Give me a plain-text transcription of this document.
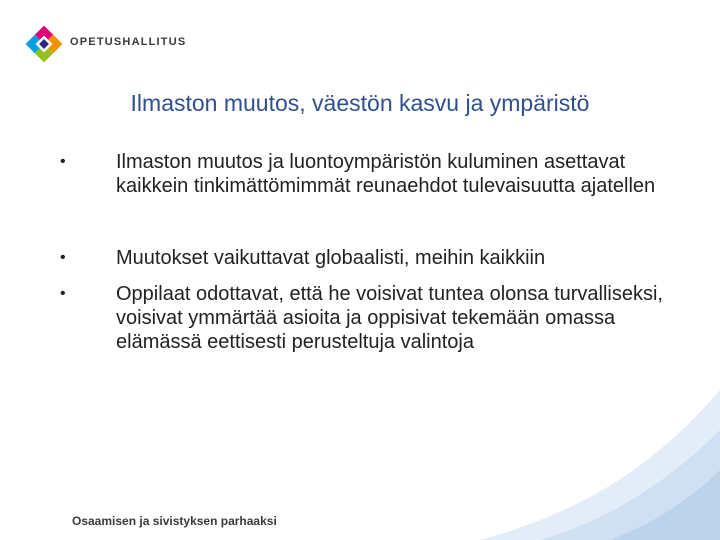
OPETUSHALLITUS
Ilmaston muutos, väestön kasvu ja ympäristö
•	Ilmaston muutos ja luontoympäristön kuluminen asettavat kaikkein tinkimättömimmät reunaehdot tulevaisuutta ajatellen
•	Muutokset vaikuttavat globaalisti, meihin kaikkiin
•	Oppilaat odottavat, että he voisivat tuntea olonsa turvalliseksi, voisivat ymmärtää asioita ja oppisivat tekemään omassa elämässä eettisesti perusteltuja valintoja
Osaamisen ja sivistyksen parhaaksi
